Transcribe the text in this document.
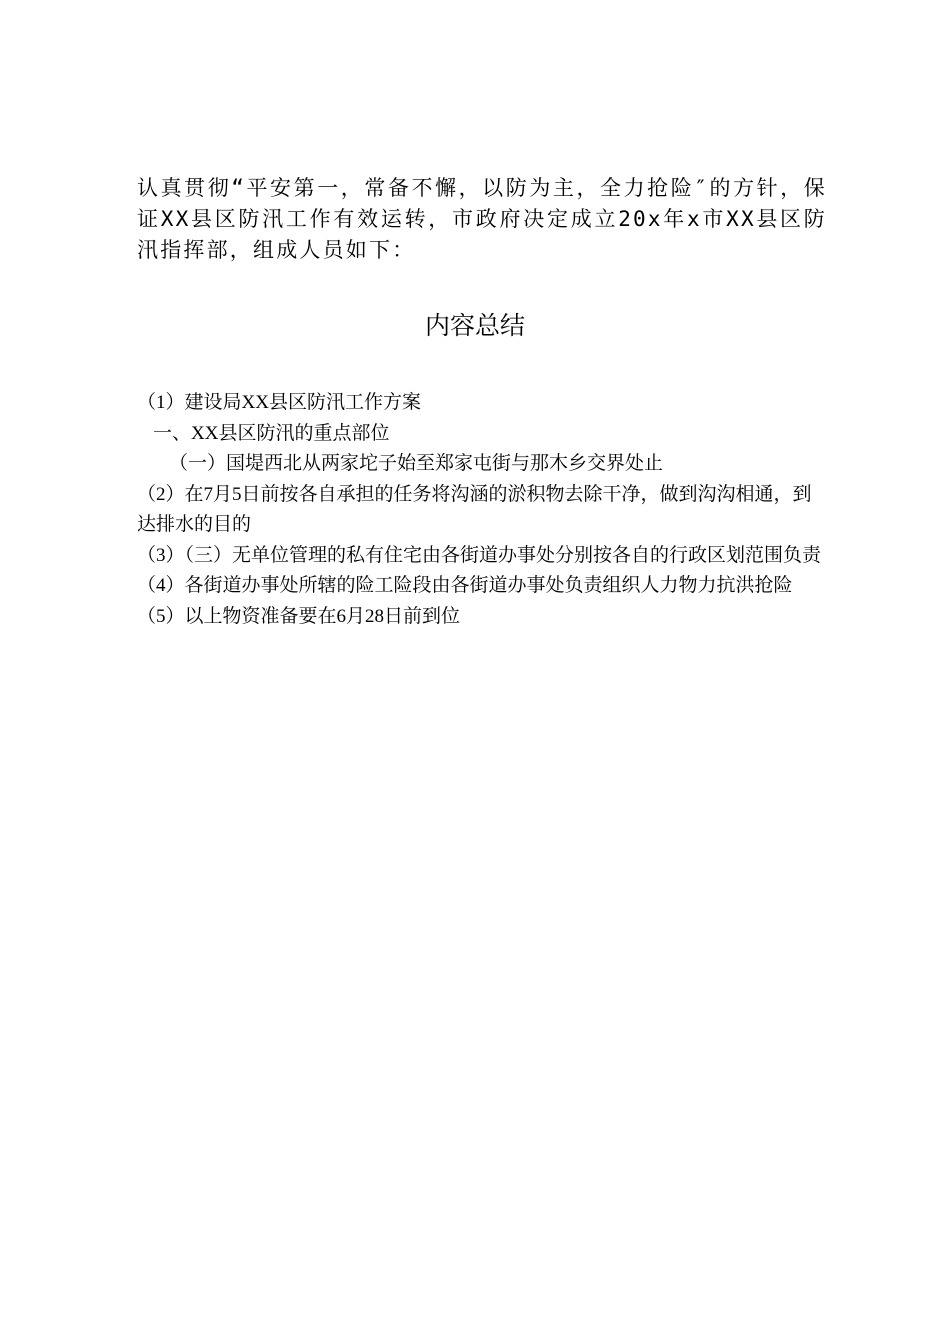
认真贯彻“平安第一，常备不懈，以防为主，全力抢险″的方针，保证XX县区防汛工作有效运转，市政府决定成立20x年x市XX县区防汛指挥部，组成人员如下：

内容总结
（1）建设局XX县区防汛工作方案
一、XX县区防汛的重点部位
（一）国堤西北从两家坨子始至郑家屯街与那木乡交界处止
（2）在7月5日前按各自承担的任务将沟涵的淤积物去除干净，做到沟沟相通，到达排水的目的
（3）（三）无单位管理的私有住宅由各街道办事处分别按各自的行政区划范围负责
（4）各街道办事处所辖的险工险段由各街道办事处负责组织人力物力抗洪抢险
（5）以上物资准备要在6月28日前到位
